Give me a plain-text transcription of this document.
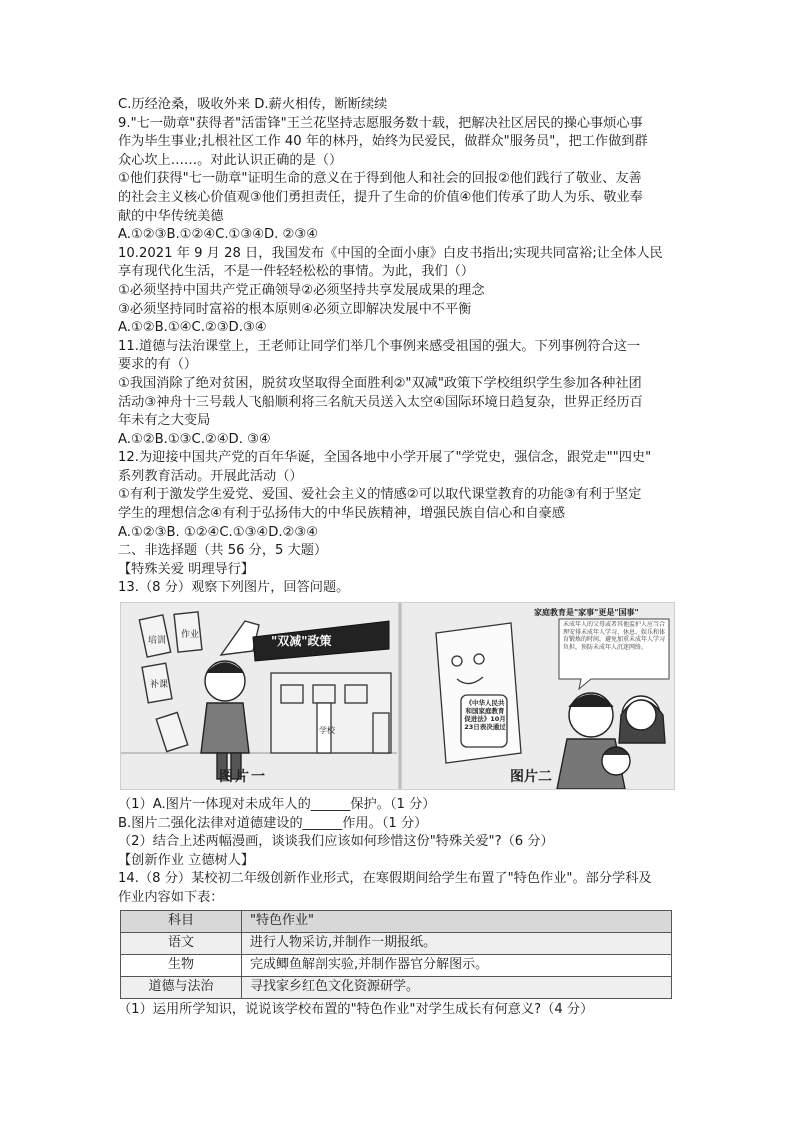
C.历经沧桑，吸收外来 D.薪火相传，断断续续
9."七一勋章"获得者"活雷锋"王兰花坚持志愿服务数十载，把解决社区居民的操心事烦心事
作为毕生事业;扎根社区工作 40 年的林丹，始终为民爱民，做群众"服务员"，把工作做到群
众心坎上……。对此认识正确的是（）
①他们获得"七一勋章"证明生命的意义在于得到他人和社会的回报②他们践行了敬业、友善
的社会主义核心价值观③他们勇担责任，提升了生命的价值④他们传承了助人为乐、敬业奉
献的中华传统美德
A.①②③B.①②④C.①③④D. ②③④
10.2021 年 9 月 28 日，我国发布《中国的全面小康》白皮书指出;实现共同富裕;让全体人民
享有现代化生活，不是一件轻轻松松的事情。为此，我们（）
①必须坚持中国共产党正确领导②必须坚持共享发展成果的理念
③必须坚持同时富裕的根本原则④必须立即解决发展中不平衡
A.①②B.①④C.②③D.③④
11.道德与法治课堂上，王老师让同学们举几个事例来感受祖国的强大。下列事例符合这一
要求的有（）
①我国消除了绝对贫困，脱贫攻坚取得全面胜利②"双减"政策下学校组织学生参加各种社团
活动③神舟十三号载人飞船顺利将三名航天员送入太空④国际环境日趋复杂，世界正经历百
年未有之大变局
A.①②B.①③C.②④D. ③④
12.为迎接中国共产党的百年华诞，全国各地中小学开展了"学党史，强信念，跟党走""四史"
系列教育活动。开展此活动（）
①有利于激发学生爱党、爱国、爱社会主义的情感②可以取代课堂教育的功能③有利于坚定
学生的理想信念④有利于弘扬伟大的中华民族精神，增强民族自信心和自豪感
A.①②③B. ①②④C.①③④D.②③④
二、非选择题（共 56 分，5 大题）
【特殊关爱 明理导行】
13.（8 分）观察下列图片，回答问题。
培训
作业
补课
"双减"政策
学校
图片一
家庭教育是"家事"更是"国事"
未成年人的父母或者其他监护人应当合理安排未成年人学习、休息、娱乐和体育锻炼的时间，避免加重未成年人学习负担，预防未成年人沉迷网络。
《中华人民共和国家庭教育促进法》10月23日表决通过
图片二
（1）A.图片一体现对未成年人的______保护。（1 分）
B.图片二强化法律对道德建设的______作用。（1 分）
（2）结合上述两幅漫画，谈谈我们应该如何珍惜这份"特殊关爱"?（6 分）
【创新作业 立德树人】
14.（8 分）某校初二年级创新作业形式，在寒假期间给学生布置了"特色作业"。部分学科及
作业内容如下表：
科目	"特色作业"
语文	进行人物采访,并制作一期报纸。
生物	完成鲫鱼解剖实验,并制作器官分解图示。
道德与法治	寻找家乡红色文化资源研学。
（1）运用所学知识，说说该学校布置的"特色作业"对学生成长有何意义?（4 分）
